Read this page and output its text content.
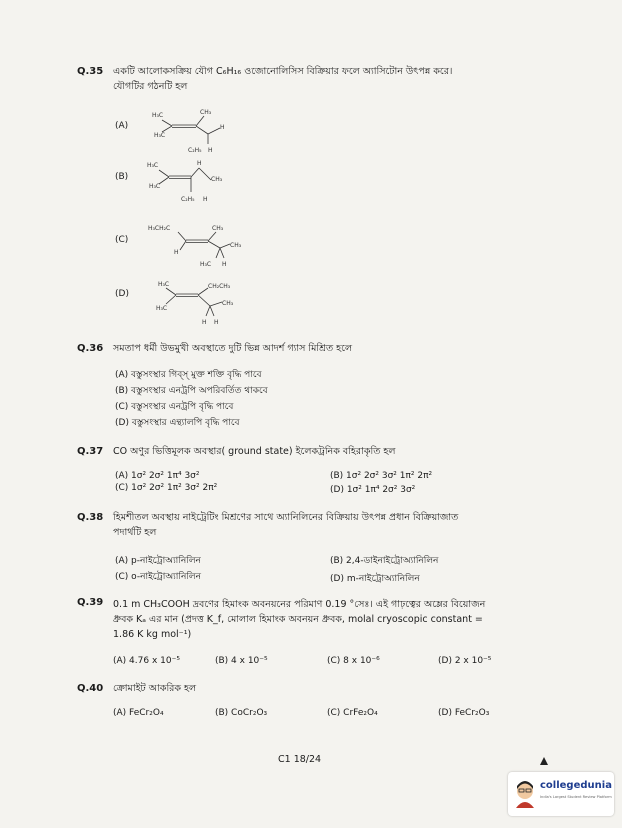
Q.35 একটি আলোকসক্রিয় যৌগ C₆H₁₆ ওজোনোলিসিস বিক্রিয়ার ফলে অ্যাসিটোন উৎপন্ন করে।
যৌগটির গঠনটি হল
(A)
H₃C	CH₃
H₃C
H
C₂H₅ H
(B)
H₃C	H
H₃C
CH₃
C₂H₅ H
(C)
H₃CH₂C	CH₃
H
CH₃
H₃C H
(D)
H₃C	CH₂CH₃
H₃C
CH₃
H H
Q.36 সমতাপ ধর্মী উভমুখী অবস্থাতে দুটি ভিন্ন আদর্শ গ্যাস মিশ্রিত হলে
(A) বস্তুসংস্থার গিব্স্ মুক্ত শক্তি বৃদ্ধি পাবে
(B) বস্তুসংস্থার এনট্রপি অপরিবর্তিত থাকবে
(C) বস্তুসংস্থার এনট্রপি বৃদ্ধি পাবে
(D) বস্তুসংস্থার এন্থ্যালপি বৃদ্ধি পাবে
Q.37 CO অণুর ভিত্তিমূলক অবস্থার( ground state) ইলেকট্রনিক বহিরাকৃতি হল
(A) 1σ² 2σ² 1π⁴ 3σ²	(B) 1σ² 2σ² 3σ² 1π² 2π²
(C) 1σ² 2σ² 1π² 3σ² 2π²	(D) 1σ² 1π⁴ 2σ² 3σ²
Q.38 হিমশীতল অবস্থায় নাইট্রেটিং মিশ্রণের সাথে অ্যানিলিনের বিক্রিয়ায় উৎপন্ন প্রধান বিক্রিয়াজাত
পদার্থটি হল
(A) p-নাইট্রোঅ্যানিলিন	(B) 2,4-ডাইনাইট্রোঅ্যানিলিন
(C) o-নাইট্রোঅ্যানিলিন	(D) m-নাইট্রোঅ্যানিলিন
Q.39 0.1 m CH₃COOH দ্রবণের হিমাংক অবনয়নের পরিমাণ 0.19 °সেঃ। এই গাঢ়ত্বের অম্লের বিয়োজন
ধ্রুবক Kₐ এর মান (প্রদত্ত K_f, মোলাল হিমাংক অবনয়ন ধ্রুবক, molal cryoscopic constant =
1.86 K kg mol⁻¹)
(A) 4.76 x 10⁻⁵	(B) 4 x 10⁻⁵	(C) 8 x 10⁻⁶	(D) 2 x 10⁻⁵
Q.40 ক্রোমাইট আকরিক হল
(A) FeCr₂O₄	(B) CoCr₂O₃	(C) CrFe₂O₄	(D) FeCr₂O₃
C1 18/24
collegedunia
India's Largest Student Review Platform
